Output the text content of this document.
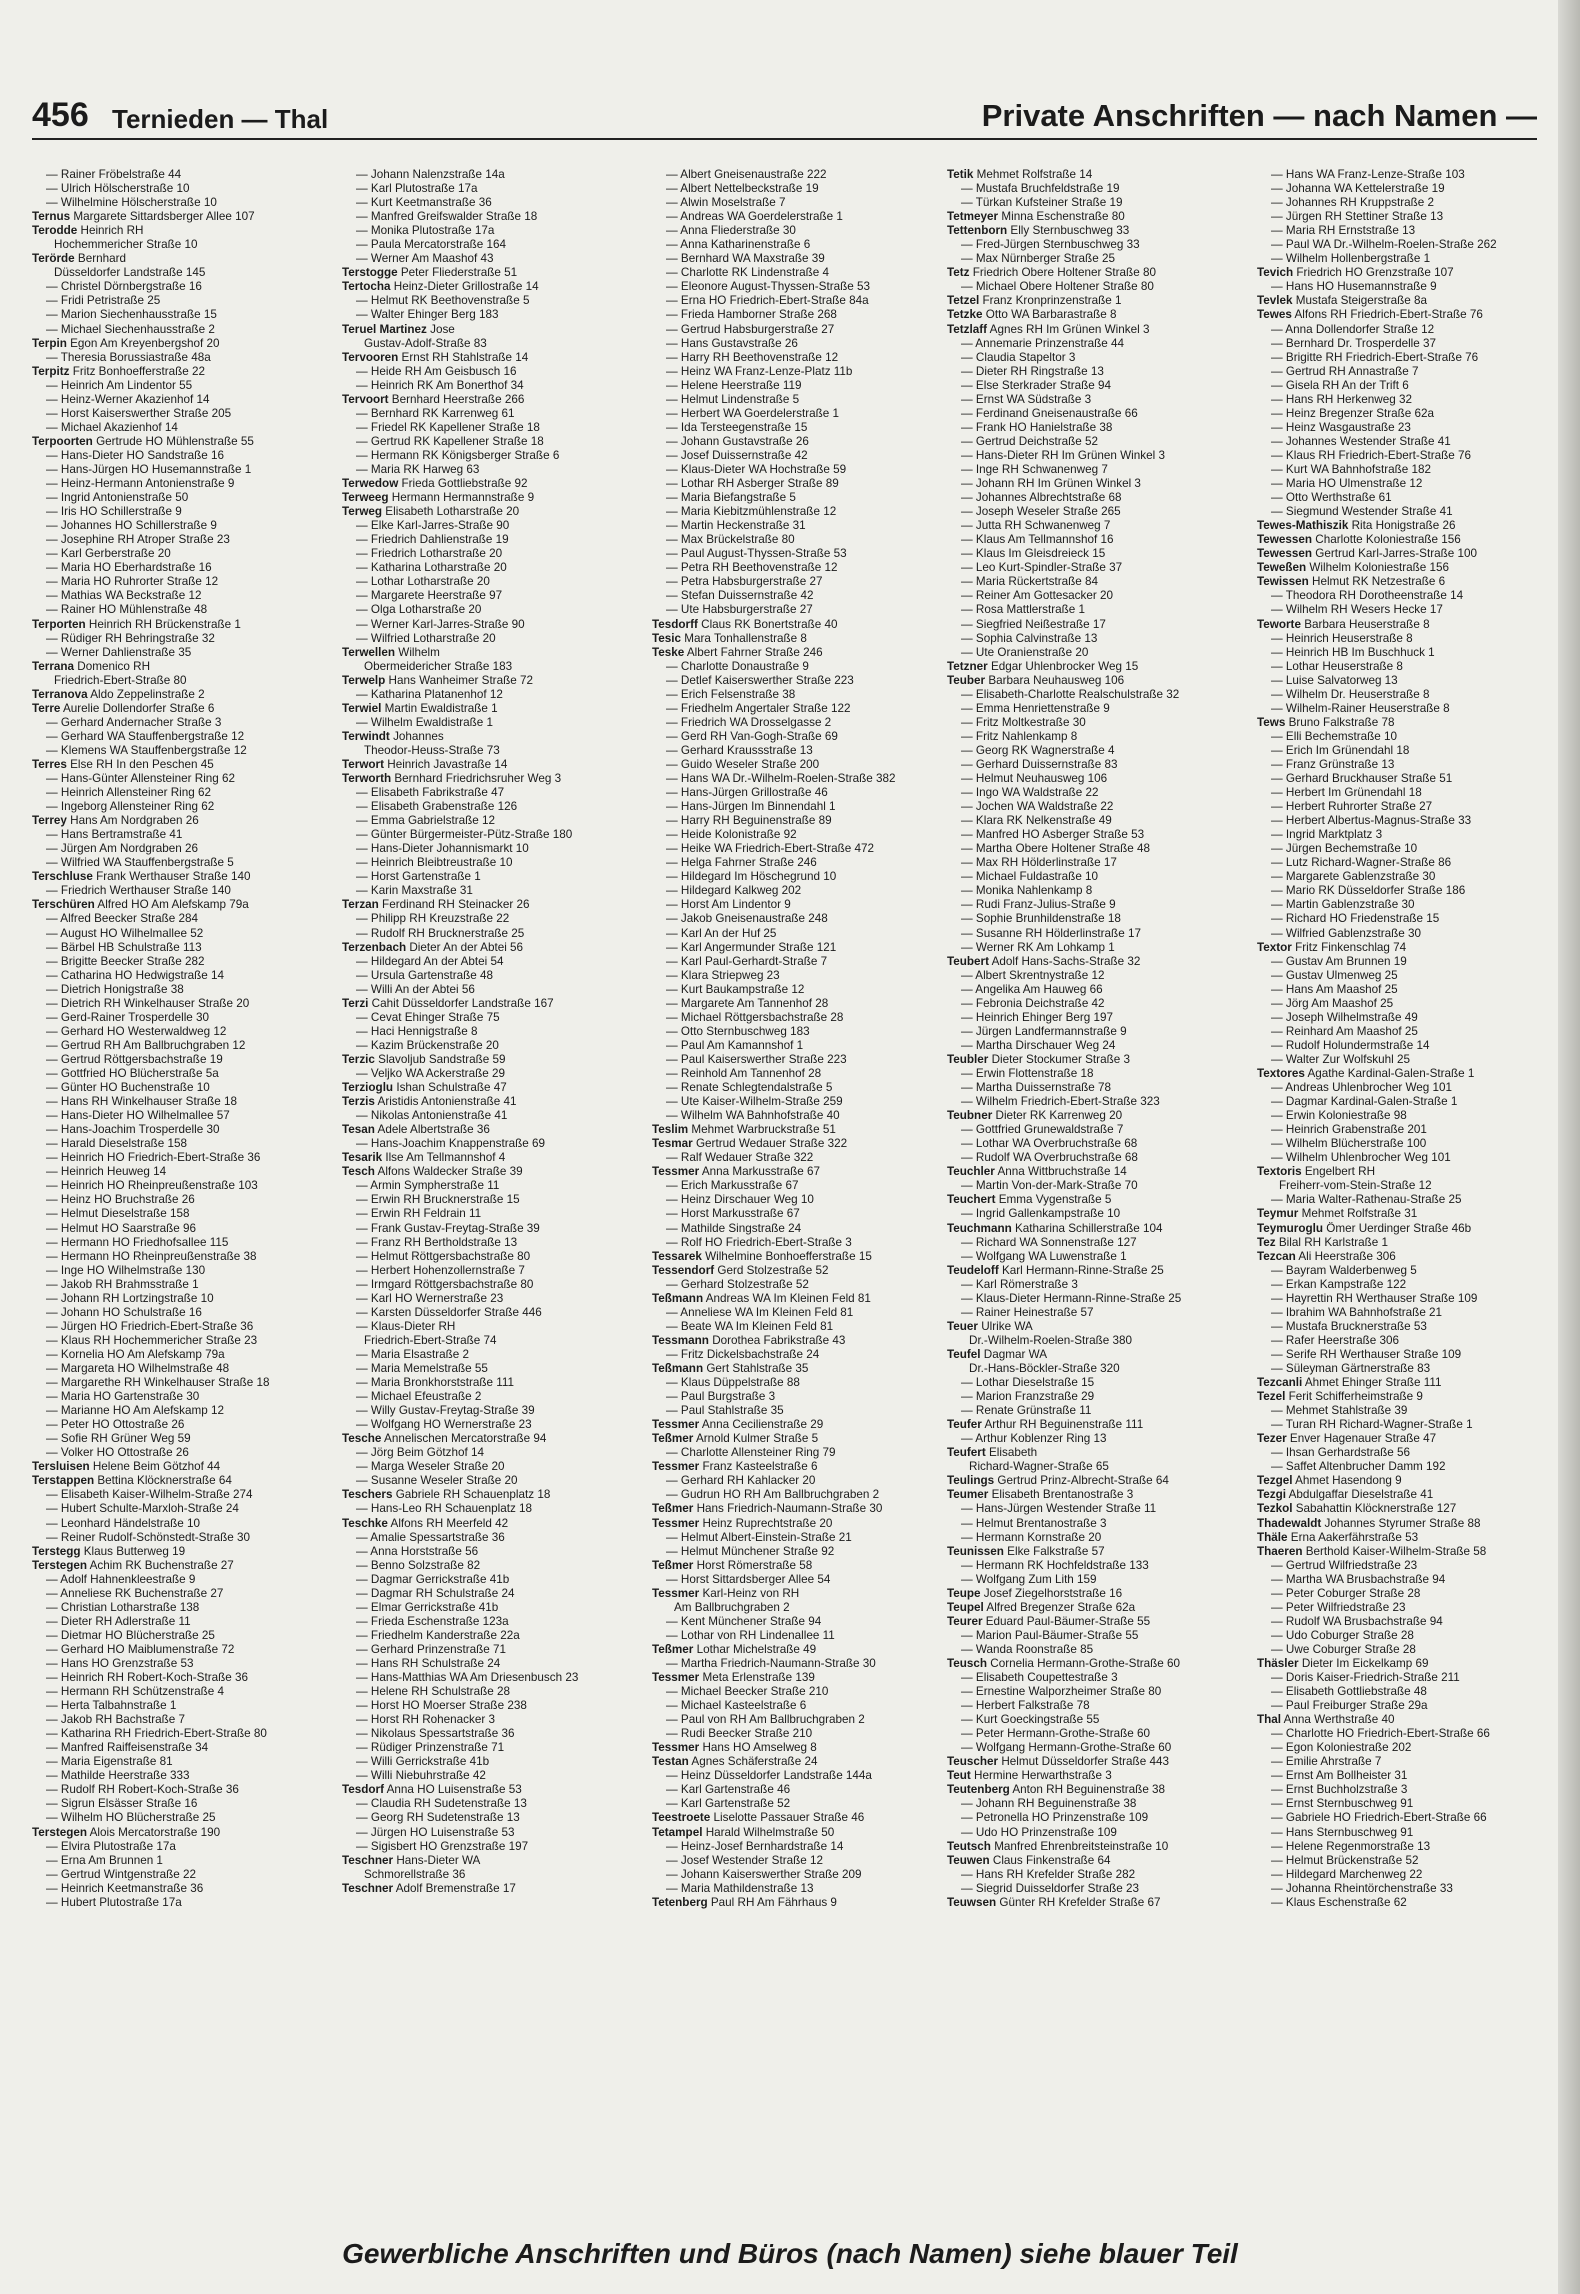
456 Ternieden — Thal	Private Anschriften — nach Namen —
— Rainer Fröbelstraße 44
— Ulrich Hölscherstraße 10
— Wilhelmine Hölscherstraße 10
Ternus Margarete Sittardsberger Allee 107
Terodde Heinrich RH
Hochemmericher Straße 10
Terörde Bernhard
Düsseldorfer Landstraße 145
— Christel Dörnbergstraße 16
— Fridi Petristraße 25
— Marion Siechenhausstraße 15
— Michael Siechenhausstraße 2
Terpin Egon Am Kreyenbergshof 20
— Theresia Borussiastraße 48a
Terpitz Fritz Bonhoefferstraße 22
— Heinrich Am Lindentor 55
— Heinz-Werner Akazienhof 14
— Horst Kaiserswerther Straße 205
— Michael Akazienhof 14
Terpoorten Gertrude HO Mühlenstraße 55
— Hans-Dieter HO Sandstraße 16
— Hans-Jürgen HO Husemannstraße 1
— Heinz-Hermann Antonienstraße 9
— Ingrid Antonienstraße 50
— Iris HO Schillerstraße 9
— Johannes HO Schillerstraße 9
— Josephine RH Atroper Straße 23
— Karl Gerberstraße 20
— Maria HO Eberhardstraße 16
— Maria HO Ruhrorter Straße 12
— Mathias WA Beckstraße 12
— Rainer HO Mühlenstraße 48
Terporten Heinrich RH Brückenstraße 1
— Rüdiger RH Behringstraße 32
— Werner Dahlienstraße 35
Terrana Domenico RH
Friedrich-Ebert-Straße 80
Terranova Aldo Zeppelinstraße 2
Terre Aurelie Dollendorfer Straße 6
— Gerhard Andernacher Straße 3
— Gerhard WA Stauffenbergstraße 12
— Klemens WA Stauffenbergstraße 12
Terres Else RH In den Peschen 45
— Hans-Günter Allensteiner Ring 62
— Heinrich Allensteiner Ring 62
— Ingeborg Allensteiner Ring 62
Terrey Hans Am Nordgraben 26
— Hans Bertramstraße 41
— Jürgen Am Nordgraben 26
— Wilfried WA Stauffenbergstraße 5
Terschluse Frank Werthauser Straße 140
— Friedrich Werthauser Straße 140
Terschüren Alfred HO Am Alefskamp 79a
— Alfred Beecker Straße 284
— August HO Wilhelmallee 52
— Bärbel HB Schulstraße 113
— Brigitte Beecker Straße 282
— Catharina HO Hedwigstraße 14
— Dietrich Honigstraße 38
— Dietrich RH Winkelhauser Straße 20
— Gerd-Rainer Trosperdelle 30
— Gerhard HO Westerwaldweg 12
— Gertrud RH Am Ballbruchgraben 12
— Gertrud Röttgersbachstraße 19
— Gottfried HO Blücherstraße 5a
— Günter HO Buchenstraße 10
— Hans RH Winkelhauser Straße 18
— Hans-Dieter HO Wilhelmallee 57
— Hans-Joachim Trosperdelle 30
— Harald Dieselstraße 158
— Heinrich HO Friedrich-Ebert-Straße 36
— Heinrich Heuweg 14
— Heinrich HO Rheinpreußenstraße 103
— Heinz HO Bruchstraße 26
— Helmut Dieselstraße 158
— Helmut HO Saarstraße 96
— Hermann HO Friedhofsallee 115
— Hermann HO Rheinpreußenstraße 38
— Inge HO Wilhelmstraße 130
— Jakob RH Brahmsstraße 1
— Johann RH Lortzingstraße 10
— Johann HO Schulstraße 16
— Jürgen HO Friedrich-Ebert-Straße 36
— Klaus RH Hochemmericher Straße 23
— Kornelia HO Am Alefskamp 79a
— Margareta HO Wilhelmstraße 48
— Margarethe RH Winkelhauser Straße 18
— Maria HO Gartenstraße 30
— Marianne HO Am Alefskamp 12
— Peter HO Ottostraße 26
— Sofie RH Grüner Weg 59
— Volker HO Ottostraße 26
Tersluisen Helene Beim Götzhof 44
Terstappen Bettina Klöcknerstraße 64
— Elisabeth Kaiser-Wilhelm-Straße 274
— Hubert Schulte-Marxloh-Straße 24
— Leonhard Händelstraße 10
— Reiner Rudolf-Schönstedt-Straße 30
Terstegg Klaus Butterweg 19
Terstegen Achim RK Buchenstraße 27
— Adolf Hahnenkleestraße 9
— Anneliese RK Buchenstraße 27
— Christian Lotharstraße 138
— Dieter RH Adlerstraße 11
— Dietmar HO Blücherstraße 25
— Gerhard HO Maiblumenstraße 72
— Hans HO Grenzstraße 53
— Heinrich RH Robert-Koch-Straße 36
— Hermann RH Schützenstraße 4
— Herta Talbahnstraße 1
— Jakob RH Bachstraße 7
— Katharina RH Friedrich-Ebert-Straße 80
— Manfred Raiffeisenstraße 34
— Maria Eigenstraße 81
— Mathilde Heerstraße 333
— Rudolf RH Robert-Koch-Straße 36
— Sigrun Elsässer Straße 16
— Wilhelm HO Blücherstraße 25
Terstegen Alois Mercatorstraße 190
— Elvira Plutostraße 17a
— Erna Am Brunnen 1
— Gertrud Wintgenstraße 22
— Heinrich Keetmanstraße 36
— Hubert Plutostraße 17a
— Johann Nalenzstraße 14a
— Karl Plutostraße 17a
— Kurt Keetmanstraße 36
— Manfred Greifswalder Straße 18
— Monika Plutostraße 17a
— Paula Mercatorstraße 164
— Werner Am Maashof 43
Terstogge Peter Fliederstraße 51
Tertocha Heinz-Dieter Grillostraße 14
— Helmut RK Beethovenstraße 5
— Walter Ehinger Berg 183
Teruel Martinez Jose
Gustav-Adolf-Straße 83
Tervooren Ernst RH Stahlstraße 14
— Heide RH Am Geisbusch 16
— Heinrich RK Am Bonerthof 34
Tervoort Bernhard Heerstraße 266
— Bernhard RK Karrenweg 61
— Friedel RK Kapellener Straße 18
— Gertrud RK Kapellener Straße 18
— Hermann RK Königsberger Straße 6
— Maria RK Harweg 63
Terwedow Frieda Gottliebstraße 92
Terweeg Hermann Hermannstraße 9
Terweg Elisabeth Lotharstraße 20
— Elke Karl-Jarres-Straße 90
— Friedrich Dahlienstraße 19
— Friedrich Lotharstraße 20
— Katharina Lotharstraße 20
— Lothar Lotharstraße 20
— Margarete Heerstraße 97
— Olga Lotharstraße 20
— Werner Karl-Jarres-Straße 90
— Wilfried Lotharstraße 20
Terwellen Wilhelm
Obermeidericher Straße 183
Terwelp Hans Wanheimer Straße 72
— Katharina Platanenhof 12
Terwiel Martin Ewaldistraße 1
— Wilhelm Ewaldistraße 1
Terwindt Johannes
Theodor-Heuss-Straße 73
Terwort Heinrich Javastraße 14
Terworth Bernhard Friedrichsruher Weg 3
— Elisabeth Fabrikstraße 47
— Elisabeth Grabenstraße 126
— Emma Gabrielstraße 12
— Günter Bürgermeister-Pütz-Straße 180
— Hans-Dieter Johannismarkt 10
— Heinrich Bleibtreustraße 10
— Horst Gartenstraße 1
— Karin Maxstraße 31
Terzan Ferdinand RH Steinacker 26
— Philipp RH Kreuzstraße 22
— Rudolf RH Brucknerstraße 25
Terzenbach Dieter An der Abtei 56
— Hildegard An der Abtei 54
— Ursula Gartenstraße 48
— Willi An der Abtei 56
Terzi Cahit Düsseldorfer Landstraße 167
— Cevat Ehinger Straße 75
— Haci Hennigstraße 8
— Kazim Brückenstraße 20
Terzic Slavoljub Sandstraße 59
— Veljko WA Ackerstraße 29
Terzioglu Ishan Schulstraße 47
Terzis Aristidis Antonienstraße 41
— Nikolas Antonienstraße 41
Tesan Adele Albertstraße 36
— Hans-Joachim Knappenstraße 69
Tesarik Ilse Am Tellmannshof 4
Tesch Alfons Waldecker Straße 39
— Armin Sympherstraße 11
— Erwin RH Brucknerstraße 15
— Erwin RH Feldrain 11
— Frank Gustav-Freytag-Straße 39
— Franz RH Bertholdstraße 13
— Helmut Röttgersbachstraße 80
— Herbert Hohenzollernstraße 7
— Irmgard Röttgersbachstraße 80
— Karl HO Wernerstraße 23
— Karsten Düsseldorfer Straße 446
— Klaus-Dieter RH
Friedrich-Ebert-Straße 74
— Maria Elsastraße 2
— Maria Memelstraße 55
— Maria Bronkhorststraße 111
— Michael Efeustraße 2
— Willy Gustav-Freytag-Straße 39
— Wolfgang HO Wernerstraße 23
Tesche Annelischen Mercatorstraße 94
— Jörg Beim Götzhof 14
— Marga Weseler Straße 20
— Susanne Weseler Straße 20
Teschers Gabriele RH Schauenplatz 18
— Hans-Leo RH Schauenplatz 18
Teschke Alfons RH Meerfeld 42
— Amalie Spessartstraße 36
— Anna Horststraße 56
— Benno Solzstraße 82
— Dagmar Gerrickstraße 41b
— Dagmar RH Schulstraße 24
— Elmar Gerrickstraße 41b
— Frieda Eschenstraße 123a
— Friedhelm Kanderstraße 22a
— Gerhard Prinzenstraße 71
— Hans RH Schulstraße 24
— Hans-Matthias WA Am Driesenbusch 23
— Helene RH Schulstraße 28
— Horst HO Moerser Straße 238
— Horst RH Rohenacker 3
— Nikolaus Spessartstraße 36
— Rüdiger Prinzenstraße 71
— Willi Gerrickstraße 41b
— Willi Niebuhrstraße 42
Tesdorf Anna HO Luisenstraße 53
— Claudia RH Sudetenstraße 13
— Georg RH Sudetenstraße 13
— Jürgen HO Luisenstraße 53
— Sigisbert HO Grenzstraße 197
Teschner Hans-Dieter WA
Schmorellstraße 36
Teschner Adolf Bremenstraße 17
— Albert Gneisenaustraße 222
— Albert Nettelbeckstraße 19
— Alwin Moselstraße 7
— Andreas WA Goerdelerstraße 1
— Anna Fliederstraße 30
— Anna Katharinenstraße 6
— Bernhard WA Maxstraße 39
— Charlotte RK Lindenstraße 4
— Eleonore August-Thyssen-Straße 53
— Erna HO Friedrich-Ebert-Straße 84a
— Frieda Hamborner Straße 268
— Gertrud Habsburgerstraße 27
— Hans Gustavstraße 26
— Harry RH Beethovenstraße 12
— Heinz WA Franz-Lenze-Platz 11b
— Helene Heerstraße 119
— Helmut Lindenstraße 5
— Herbert WA Goerdelerstraße 1
— Ida Tersteegenstraße 15
— Johann Gustavstraße 26
— Josef Duissernstraße 42
— Klaus-Dieter WA Hochstraße 59
— Lothar RH Asberger Straße 89
— Maria Biefangstraße 5
— Maria Kiebitzmühlenstraße 12
— Martin Heckenstraße 31
— Max Brückelstraße 80
— Paul August-Thyssen-Straße 53
— Petra RH Beethovenstraße 12
— Petra Habsburgerstraße 27
— Stefan Duissernstraße 42
— Ute Habsburgerstraße 27
Tesdorff Claus RK Bonertstraße 40
Tesic Mara Tonhallenstraße 8
Teske Albert Fahrner Straße 246
— Charlotte Donaustraße 9
— Detlef Kaiserswerther Straße 223
— Erich Felsenstraße 38
— Friedhelm Angertaler Straße 122
— Friedrich WA Drosselgasse 2
— Gerd RH Van-Gogh-Straße 69
— Gerhard Kraussstraße 13
— Guido Weseler Straße 200
— Hans WA Dr.-Wilhelm-Roelen-Straße 382
— Hans-Jürgen Grillostraße 46
— Hans-Jürgen Im Binnendahl 1
— Harry RH Beguinenstraße 89
— Heide Kolonistraße 92
— Heike WA Friedrich-Ebert-Straße 472
— Helga Fahrner Straße 246
— Hildegard Im Höschegrund 10
— Hildegard Kalkweg 202
— Horst Am Lindentor 9
— Jakob Gneisenaustraße 248
— Karl An der Huf 25
— Karl Angermunder Straße 121
— Karl Paul-Gerhardt-Straße 7
— Klara Striepweg 23
— Kurt Baukampstraße 12
— Margarete Am Tannenhof 28
— Michael Röttgersbachstraße 28
— Otto Sternbuschweg 183
— Paul Am Kamannshof 1
— Paul Kaiserswerther Straße 223
— Reinhold Am Tannenhof 28
— Renate Schlegtendalstraße 5
— Ute Kaiser-Wilhelm-Straße 259
— Wilhelm WA Bahnhofstraße 40
Teslim Mehmet Warbruckstraße 51
Tesmar Gertrud Wedauer Straße 322
— Ralf Wedauer Straße 322
Tessmer Anna Markusstraße 67
— Erich Markusstraße 67
— Heinz Dirschauer Weg 10
— Horst Markusstraße 67
— Mathilde Singstraße 24
— Rolf HO Friedrich-Ebert-Straße 3
Tessarek Wilhelmine Bonhoefferstraße 15
Tessendorf Gerd Stolzestraße 52
— Gerhard Stolzestraße 52
Teßmann Andreas WA Im Kleinen Feld 81
— Anneliese WA Im Kleinen Feld 81
— Beate WA Im Kleinen Feld 81
Tessmann Dorothea Fabrikstraße 43
— Fritz Dickelsbachstraße 24
Teßmann Gert Stahlstraße 35
— Klaus Düppelstraße 88
— Paul Burgstraße 3
— Paul Stahlstraße 35
Tessmer Anna Cecilienstraße 29
Teßmer Arnold Kulmer Straße 5
— Charlotte Allensteiner Ring 79
Tessmer Franz Kasteelstraße 6
— Gerhard RH Kahlacker 20
— Gudrun HO RH Am Ballbruchgraben 2
Teßmer Hans Friedrich-Naumann-Straße 30
Tessmer Heinz Ruprechtstraße 20
— Helmut Albert-Einstein-Straße 21
— Helmut Münchener Straße 92
Teßmer Horst Römerstraße 58
— Horst Sittardsberger Allee 54
Tessmer Karl-Heinz von RH
Am Ballbruchgraben 2
— Kent Münchener Straße 94
— Lothar von RH Lindenallee 11
Teßmer Lothar Michelstraße 49
— Martha Friedrich-Naumann-Straße 30
Tessmer Meta Erlenstraße 139
— Michael Beecker Straße 210
— Michael Kasteelstraße 6
— Paul von RH Am Ballbruchgraben 2
— Rudi Beecker Straße 210
Tessmer Hans HO Amselweg 8
Testan Agnes Schäferstraße 24
— Heinz Düsseldorfer Landstraße 144a
— Karl Gartenstraße 46
— Karl Gartenstraße 52
Teestroete Liselotte Passauer Straße 46
Tetampel Harald Wilhelmstraße 50
— Heinz-Josef Bernhardstraße 14
— Josef Westender Straße 12
— Johann Kaiserswerther Straße 209
— Maria Mathildenstraße 13
Tetenberg Paul RH Am Fährhaus 9
Tetik Mehmet Rolfstraße 14
— Mustafa Bruchfeldstraße 19
— Türkan Kufsteiner Straße 19
Tetmeyer Minna Eschenstraße 80
Tettenborn Elly Sternbuschweg 33
— Fred-Jürgen Sternbuschweg 33
— Max Nürnberger Straße 25
Tetz Friedrich Obere Holtener Straße 80
— Michael Obere Holtener Straße 80
Tetzel Franz Kronprinzenstraße 1
Tetzke Otto WA Barbarastraße 8
Tetzlaff Agnes RH Im Grünen Winkel 3
— Annemarie Prinzenstraße 44
— Claudia Stapeltor 3
— Dieter RH Ringstraße 13
— Else Sterkrader Straße 94
— Ernst WA Südstraße 3
— Ferdinand Gneisenaustraße 66
— Frank HO Hanielstraße 38
— Gertrud Deichstraße 52
— Hans-Dieter RH Im Grünen Winkel 3
— Inge RH Schwanenweg 7
— Johann RH Im Grünen Winkel 3
— Johannes Albrechtstraße 68
— Joseph Weseler Straße 265
— Jutta RH Schwanenweg 7
— Klaus Am Tellmannshof 16
— Klaus Im Gleisdreieck 15
— Leo Kurt-Spindler-Straße 37
— Maria Rückertstraße 84
— Reiner Am Gottesacker 20
— Rosa Mattlerstraße 1
— Siegfried Neißestraße 17
— Sophia Calvinstraße 13
— Ute Oranienstraße 20
Tetzner Edgar Uhlenbrocker Weg 15
Teuber Barbara Neuhausweg 106
— Elisabeth-Charlotte Realschulstraße 32
— Emma Henriettenstraße 9
— Fritz Moltkestraße 30
— Fritz Nahlenkamp 8
— Georg RK Wagnerstraße 4
— Gerhard Duissernstraße 83
— Helmut Neuhausweg 106
— Ingo WA Waldstraße 22
— Jochen WA Waldstraße 22
— Klara RK Nelkenstraße 49
— Manfred HO Asberger Straße 53
— Martha Obere Holtener Straße 48
— Max RH Hölderlinstraße 17
— Michael Fuldastraße 10
— Monika Nahlenkamp 8
— Rudi Franz-Julius-Straße 9
— Sophie Brunhildenstraße 18
— Susanne RH Hölderlinstraße 17
— Werner RK Am Lohkamp 1
Teubert Adolf Hans-Sachs-Straße 32
— Albert Skrentnystraße 12
— Angelika Am Hauweg 66
— Febronia Deichstraße 42
— Heinrich Ehinger Berg 197
— Jürgen Landfermannstraße 9
— Martha Dirschauer Weg 24
Teubler Dieter Stockumer Straße 3
— Erwin Flottenstraße 18
— Martha Duissernstraße 78
— Wilhelm Friedrich-Ebert-Straße 323
Teubner Dieter RK Karrenweg 20
— Gottfried Grunewaldstraße 7
— Lothar WA Overbruchstraße 68
— Rudolf WA Overbruchstraße 68
Teuchler Anna Wittbruchstraße 14
— Martin Von-der-Mark-Straße 70
Teuchert Emma Vygenstraße 5
— Ingrid Gallenkampstraße 10
Teuchmann Katharina Schillerstraße 104
— Richard WA Sonnenstraße 127
— Wolfgang WA Luwenstraße 1
Teudeloff Karl Hermann-Rinne-Straße 25
— Karl Römerstraße 3
— Klaus-Dieter Hermann-Rinne-Straße 25
— Rainer Heinestraße 57
Teuer Ulrike WA
Dr.-Wilhelm-Roelen-Straße 380
Teufel Dagmar WA
Dr.-Hans-Böckler-Straße 320
— Lothar Dieselstraße 15
— Marion Franzstraße 29
— Renate Grünstraße 11
Teufer Arthur RH Beguinenstraße 111
— Arthur Koblenzer Ring 13
Teufert Elisabeth
Richard-Wagner-Straße 65
Teulings Gertrud Prinz-Albrecht-Straße 64
Teumer Elisabeth Brentanostraße 3
— Hans-Jürgen Westender Straße 11
— Helmut Brentanostraße 3
— Hermann Kornstraße 20
Teunissen Elke Falkstraße 57
— Hermann RK Hochfeldstraße 133
— Wolfgang Zum Lith 159
Teupe Josef Ziegelhorststraße 16
Teupel Alfred Bregenzer Straße 62a
Teurer Eduard Paul-Bäumer-Straße 55
— Marion Paul-Bäumer-Straße 55
— Wanda Roonstraße 85
Teusch Cornelia Hermann-Grothe-Straße 60
— Elisabeth Coupettestraße 3
— Ernestine Walporzheimer Straße 80
— Herbert Falkstraße 78
— Kurt Goeckingstraße 55
— Peter Hermann-Grothe-Straße 60
— Wolfgang Hermann-Grothe-Straße 60
Teuscher Helmut Düsseldorfer Straße 443
Teut Hermine Herwarthstraße 3
Teutenberg Anton RH Beguinenstraße 38
— Johann RH Beguinenstraße 38
— Petronella HO Prinzenstraße 109
— Udo HO Prinzenstraße 109
Teutsch Manfred Ehrenbreitsteinstraße 10
Teuwen Claus Finkenstraße 64
— Hans RH Krefelder Straße 282
— Siegrid Duisseldorfer Straße 23
Teuwsen Günter RH Krefelder Straße 67
— Hans WA Franz-Lenze-Straße 103
— Johanna WA Kettelerstraße 19
— Johannes RH Kruppstraße 2
— Jürgen RH Stettiner Straße 13
— Maria RH Ernststraße 13
— Paul WA Dr.-Wilhelm-Roelen-Straße 262
— Wilhelm Hollenbergstraße 1
Tevich Friedrich HO Grenzstraße 107
— Hans HO Husemannstraße 9
Tevlek Mustafa Steigerstraße 8a
Tewes Alfons RH Friedrich-Ebert-Straße 76
— Anna Dollendorfer Straße 12
— Bernhard Dr. Trosperdelle 37
— Brigitte RH Friedrich-Ebert-Straße 76
— Gertrud RH Annastraße 7
— Gisela RH An der Trift 6
— Hans RH Herkenweg 32
— Heinz Bregenzer Straße 62a
— Heinz Wasgaustraße 23
— Johannes Westender Straße 41
— Klaus RH Friedrich-Ebert-Straße 76
— Kurt WA Bahnhofstraße 182
— Maria HO Ulmenstraße 12
— Otto Werthstraße 61
— Siegmund Westender Straße 41
Tewes-Mathiszik Rita Honigstraße 26
Tewessen Charlotte Koloniestraße 156
Tewessen Gertrud Karl-Jarres-Straße 100
Teweßen Wilhelm Koloniestraße 156
Tewissen Helmut RK Netzestraße 6
— Theodora RH Dorotheenstraße 14
— Wilhelm RH Wesers Hecke 17
Teworte Barbara Heuserstraße 8
— Heinrich Heuserstraße 8
— Heinrich HB Im Buschhuck 1
— Lothar Heuserstraße 8
— Luise Salvatorweg 13
— Wilhelm Dr. Heuserstraße 8
— Wilhelm-Rainer Heuserstraße 8
Tews Bruno Falkstraße 78
— Elli Bechemstraße 10
— Erich Im Grünendahl 18
— Franz Grünstraße 13
— Gerhard Bruckhauser Straße 51
— Herbert Im Grünendahl 18
— Herbert Ruhrorter Straße 27
— Herbert Albertus-Magnus-Straße 33
— Ingrid Marktplatz 3
— Jürgen Bechemstraße 10
— Lutz Richard-Wagner-Straße 86
— Margarete Gablenzstraße 30
— Mario RK Düsseldorfer Straße 186
— Martin Gablenzstraße 30
— Richard HO Friedenstraße 15
— Wilfried Gablenzstraße 30
Textor Fritz Finkenschlag 74
— Gustav Am Brunnen 19
— Gustav Ulmenweg 25
— Hans Am Maashof 25
— Jörg Am Maashof 25
— Joseph Wilhelmstraße 49
— Reinhard Am Maashof 25
— Rudolf Holundermstraße 14
— Walter Zur Wolfskuhl 25
Textores Agathe Kardinal-Galen-Straße 1
— Andreas Uhlenbrocher Weg 101
— Dagmar Kardinal-Galen-Straße 1
— Erwin Koloniestraße 98
— Heinrich Grabenstraße 201
— Wilhelm Blücherstraße 100
— Wilhelm Uhlenbrocher Weg 101
Textoris Engelbert RH
Freiherr-vom-Stein-Straße 12
— Maria Walter-Rathenau-Straße 25
Teymur Mehmet Rolfstraße 31
Teymuroglu Ömer Uerdinger Straße 46b
Tez Bilal RH Karlstraße 1
Tezcan Ali Heerstraße 306
— Bayram Walderbenweg 5
— Erkan Kampstraße 122
— Hayrettin RH Werthauser Straße 109
— Ibrahim WA Bahnhofstraße 21
— Mustafa Brucknerstraße 53
— Rafer Heerstraße 306
— Serife RH Werthauser Straße 109
— Süleyman Gärtnerstraße 83
Tezcanli Ahmet Ehinger Straße 111
Tezel Ferit Schifferheimstraße 9
— Mehmet Stahlstraße 39
— Turan RH Richard-Wagner-Straße 1
Tezer Enver Hagenauer Straße 47
— Ihsan Gerhardstraße 56
— Saffet Altenbrucher Damm 192
Tezgel Ahmet Hasendong 9
Tezgi Abdulgaffar Dieselstraße 41
Tezkol Sabahattin Klöcknerstraße 127
Thadewaldt Johannes Styrumer Straße 88
Thäle Erna Aakerfährstraße 53
Thaeren Berthold Kaiser-Wilhelm-Straße 58
— Gertrud Wilfriedstraße 23
— Martha WA Brusbachstraße 94
— Peter Coburger Straße 28
— Peter Wilfriedstraße 23
— Rudolf WA Brusbachstraße 94
— Udo Coburger Straße 28
— Uwe Coburger Straße 28
Thäsler Dieter Im Eickelkamp 69
— Doris Kaiser-Friedrich-Straße 211
— Elisabeth Gottliebstraße 48
— Paul Freiburger Straße 29a
Thal Anna Werthstraße 40
— Charlotte HO Friedrich-Ebert-Straße 66
— Egon Koloniestraße 202
— Emilie Ahrstraße 7
— Ernst Am Bollheister 31
— Ernst Buchholzstraße 3
— Ernst Sternbuschweg 91
— Gabriele HO Friedrich-Ebert-Straße 66
— Hans Sternbuschweg 91
— Helene Regenmorstraße 13
— Helmut Brückenstraße 52
— Hildegard Marchenweg 22
— Johanna Rheintörchenstraße 33
— Klaus Eschenstraße 62
Gewerbliche Anschriften und Büros (nach Namen) siehe blauer Teil
